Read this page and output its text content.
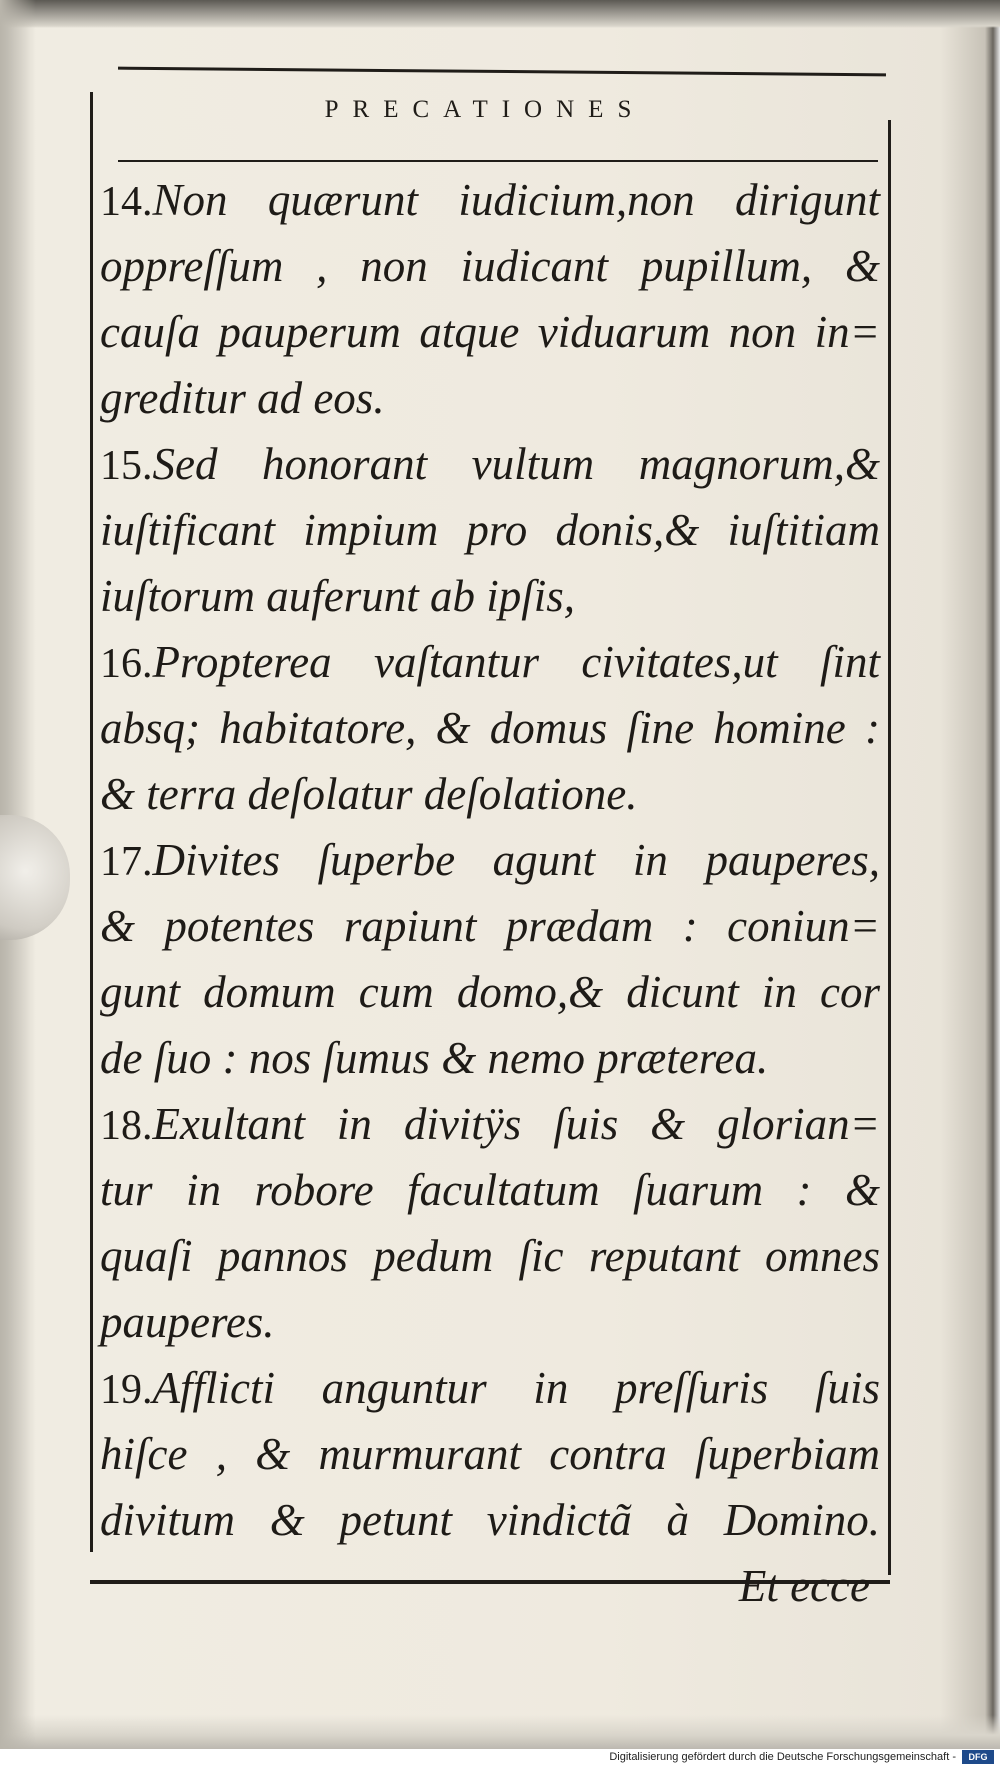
PRECATIONES
14.Non quærunt iudicium,non dirigunt
oppreſſum , non iudicant pupillum, &
cauſa pauperum atque viduarum non in=
greditur ad eos.
15.Sed honorant vultum magnorum,&
iuſtificant impium pro donis,& iuſtitiam
iuſtorum auferunt ab ipſis,
16.Propterea vaſtantur civitates,ut ſint
absq; habitatore, & domus ſine homine :
& terra deſolatur deſolatione.
17.Divites ſuperbe agunt in pauperes,
& potentes rapiunt prædam : coniun=
gunt domum cum domo,& dicunt in cor
de ſuo : nos ſumus & nemo præterea.
18.Exultant in divitÿs ſuis & glorian=
tur in robore facultatum ſuarum : &
quaſi pannos pedum ſic reputant omnes
pauperes.
19.Afflicti anguntur in preſſuris ſuis
hiſce , & murmurant contra ſuperbiam
divitum & petunt vindictã à Domino.
Et ecce
Digitalisierung gefördert durch die Deutsche Forschungsgemeinschaft -	DFG
